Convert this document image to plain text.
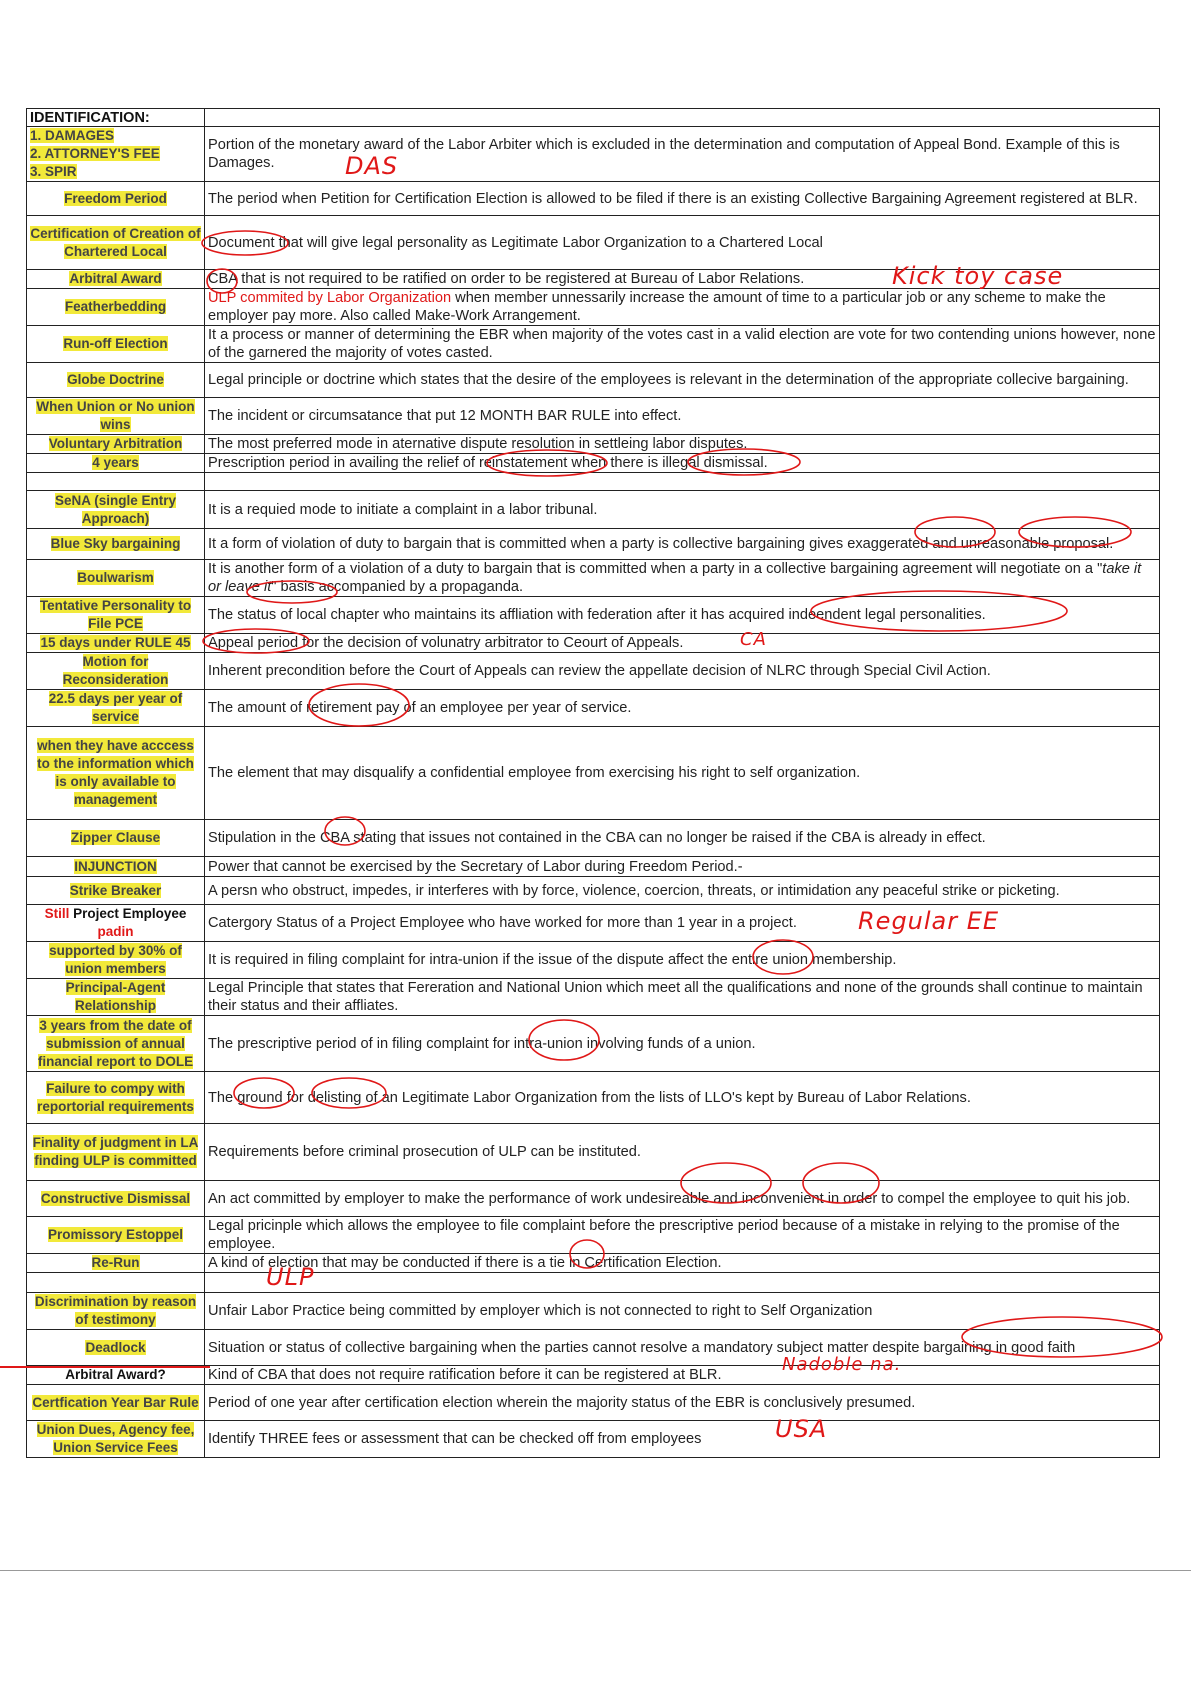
IDENTIFICATION:	

1. DAMAGES
2. ATTORNEY'S FEE
3. SPIR	Portion of the monetary award of the Labor Arbiter which is excluded in the determination and computation of Appeal Bond. Example of this is Damages.
Freedom Period	The period when Petition for Certification Election is allowed to be filed if there is an existing Collective Bargaining Agreement registered at BLR.
Certification of Creation of Chartered Local	Document that will give legal personality as Legitimate Labor Organization to a Chartered Local
Arbitral Award	CBA that is not required to be ratified on order to be registered at Bureau of Labor Relations.
Featherbedding	ULP commited by Labor Organization when member unnessarily increase the amount of time to a particular job or any scheme to make the employer pay more. Also called Make-Work Arrangement.
Run-off Election	It a process or manner of determining the EBR when majority of the votes cast in a valid election are vote for two contending unions however, none of the garnered the majority of votes casted.
Globe Doctrine	Legal principle or doctrine which states that the desire of the employees is relevant in the determination of the appropriate collecive bargaining.
When Union or No union wins	The incident or circumsatance that put 12 MONTH BAR RULE into effect.
Voluntary Arbitration	The most preferred mode in aternative dispute resolution in settleing labor disputes.
4 years	Prescription period in availing the relief of reinstatement when there is illegal dismissal.

SeNA (single Entry Approach)	It is a requied mode to initiate a complaint in a labor tribunal.
Blue Sky bargaining	It a form of violation of duty to bargain that is committed when a party is collective bargaining gives exaggerated and unreasonable proposal.
Boulwarism	It is another form of a violation of a duty to bargain that is committed when a party in a collective bargaining agreement will negotiate on a "take it or leave it" basis accompanied by a propaganda.
Tentative Personality to File PCE	The status of local chapter who maintains its affliation with federation after it has acquired indeendent legal personalities.
15 days under RULE 45	Appeal period for the decision of volunatry arbitrator to Ceourt of Appeals.
Motion for Reconsideration	Inherent precondition before the Court of Appeals can review the appellate decision of NLRC through Special Civil Action.
22.5 days per year of service	The amount of retirement pay of an employee per year of service.
when they have acccess to the information which is only available to management	The element that may disqualify a confidential employee from exercising his right to self organization.
Zipper Clause	Stipulation in the CBA stating that issues not contained in the CBA can no longer be raised if the CBA is already in effect.
INJUNCTION	Power that cannot be exercised by the Secretary of Labor during Freedom Period.-
Strike Breaker	A persn who obstruct, impedes, ir interferes with by force, violence, coercion, threats, or intimidation any peaceful strike or picketing.
Still Project Employee padin	Catergory Status of a Project Employee who have worked for more than 1 year in a project.
supported by 30% of union members	It is required in filing complaint for intra-union if the issue of the dispute affect the entire union membership.
Principal-Agent Relationship	Legal Principle that states that Fereration and National Union which meet all the qualifications and none of the grounds shall continue to maintain their status and their affliates.
3 years from the date of submission of annual financial report to DOLE	The prescriptive period of in filing complaint for intra-union involving funds of a union.
Failure to compy with reportorial requirements	The ground for delisting of an Legitimate Labor Organization from the lists of LLO's kept by Bureau of Labor Relations.
Finality of judgment in LA finding ULP is committed	Requirements before criminal prosecution of ULP can be instituted.
Constructive Dismissal	An act committed by employer to make the performance of work undesireable and inconvenient in order to compel the employee to quit his job.
Promissory Estoppel	Legal pricinple which allows the employee to file complaint before the prescriptive period because of a mistake in relying to the promise of the employee.
Re-Run	A kind of election that may be conducted if there is a tie in Certification Election.

Discrimination by reason of testimony	Unfair Labor Practice being committed by employer which is not connected to right to Self Organization
Deadlock	Situation or status of collective bargaining when the parties cannot resolve a mandatory subject matter despite bargaining in good faith
Arbitral Award?	Kind of CBA that does not require ratification before it can be registered at BLR.
Certfication Year Bar Rule	Period of one year after certification election wherein the majority status of the EBR is conclusively presumed.
Union Dues, Agency fee, Union Service Fees	Identify THREE fees or assessment that can be checked off from employees
DAS
Kick toy case
CA
Regular EE
ULP
Nadoble na.
USA
